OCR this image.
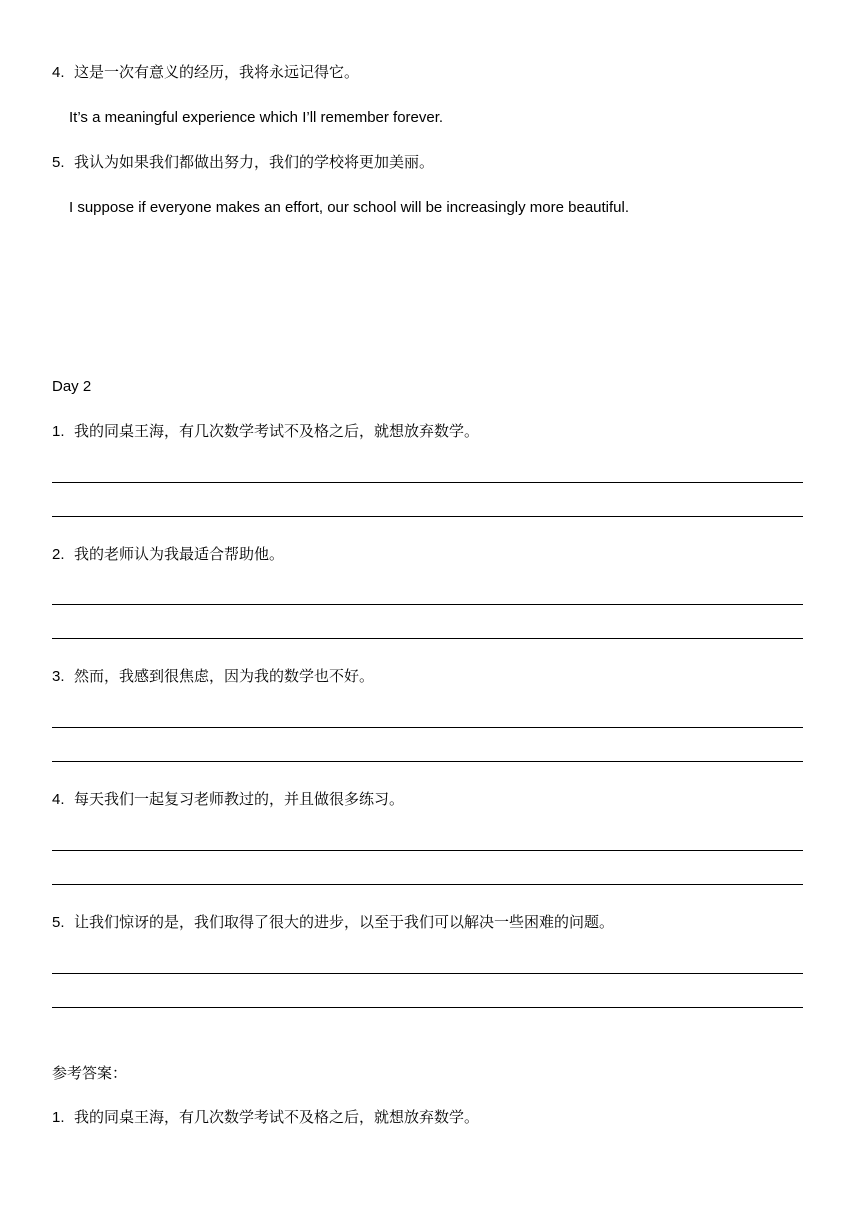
4. 这是一次有意义的经历，我将永远记得它。
It’s a meaningful experience which I’ll remember forever.
5. 我认为如果我们都做出努力，我们的学校将更加美丽。
I suppose if everyone makes an effort, our school will be increasingly more beautiful.
Day 2
1. 我的同桌王海，有几次数学考试不及格之后，就想放弃数学。
2. 我的老师认为我最适合帮助他。
3. 然而，我感到很焦虑，因为我的数学也不好。
4. 每天我们一起复习老师教过的，并且做很多练习。
5. 让我们惊讶的是，我们取得了很大的进步，以至于我们可以解决一些困难的问题。
参考答案：
1. 我的同桌王海，有几次数学考试不及格之后，就想放弃数学。
